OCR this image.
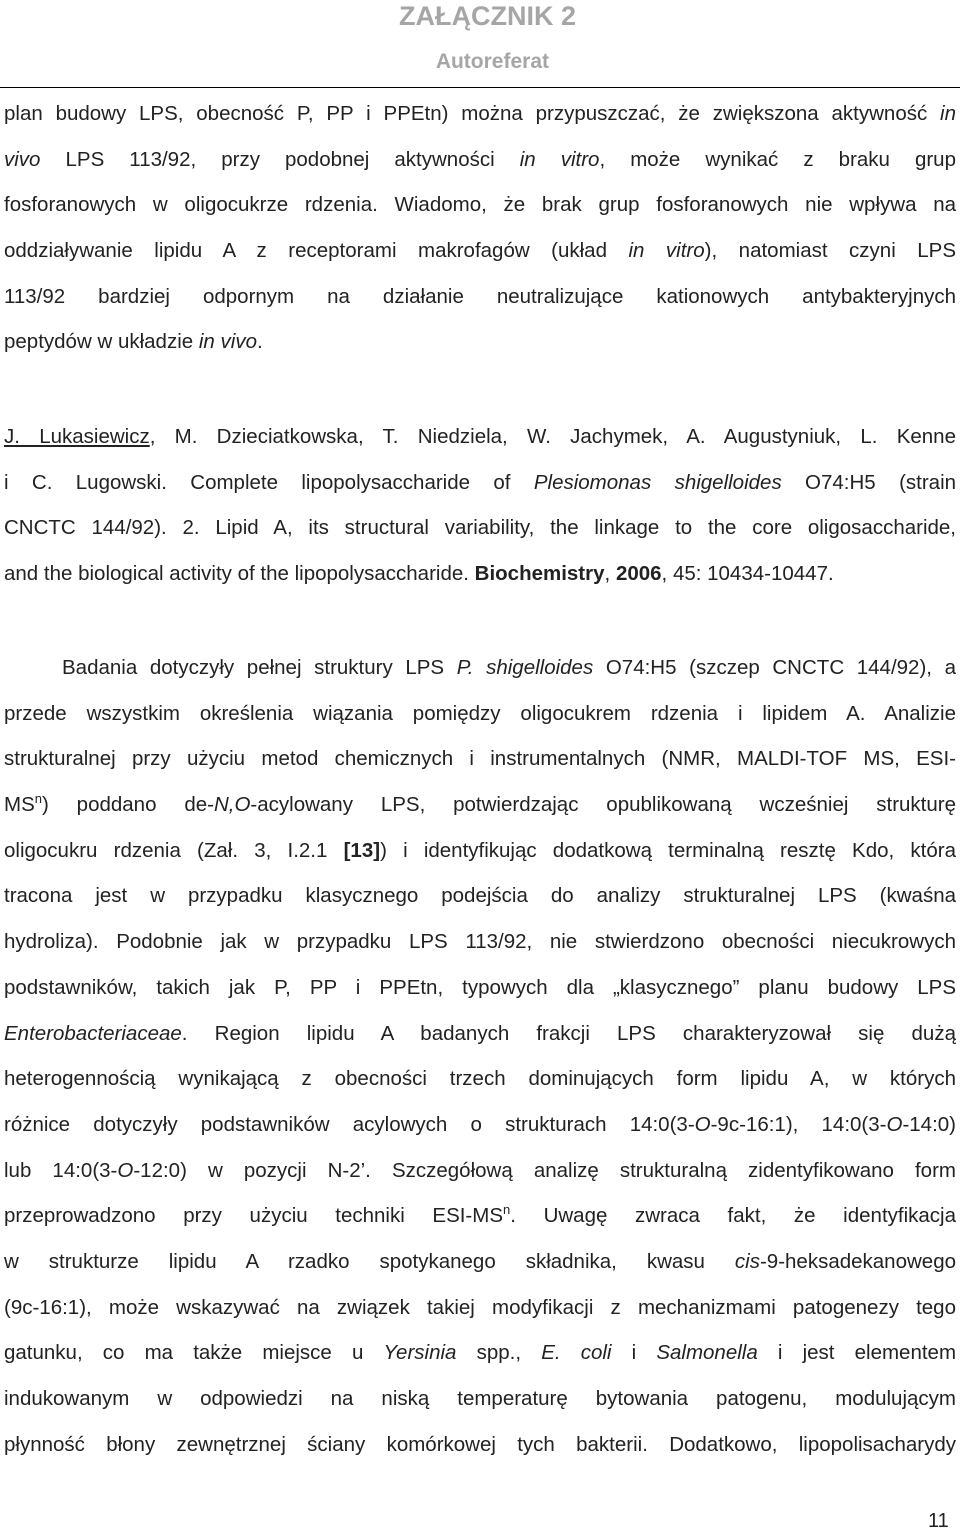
ZAŁĄCZNIK 2
Autoreferat

plan budowy LPS, obecność P, PP i PPEtn) można przypuszczać, że zwiększona aktywność in
vivo LPS 113/92, przy podobnej aktywności in vitro, może wynikać z braku grup
fosforanowych w oligocukrze rdzenia. Wiadomo, że brak grup fosforanowych nie wpływa na
oddziaływanie lipidu A z receptorami makrofagów (układ in vitro), natomiast czyni LPS
113/92 bardziej odpornym na działanie neutralizujące kationowych antybakteryjnych
peptydów w układzie in vivo.

J. Lukasiewicz, M. Dzieciatkowska, T. Niedziela, W. Jachymek, A. Augustyniuk, L. Kenne
i C. Lugowski. Complete lipopolysaccharide of Plesiomonas shigelloides O74:H5 (strain
CNCTC 144/92). 2. Lipid A, its structural variability, the linkage to the core oligosaccharide,
and the biological activity of the lipopolysaccharide. Biochemistry, 2006, 45: 10434-10447.

Badania dotyczyły pełnej struktury LPS P. shigelloides O74:H5 (szczep CNCTC 144/92), a
przede wszystkim określenia wiązania pomiędzy oligocukrem rdzenia i lipidem A. Analizie
strukturalnej przy użyciu metod chemicznych i instrumentalnych (NMR, MALDI-TOF MS, ESI-
$MS^n$) poddano de-N,O-acylowany LPS, potwierdzając opublikowaną wcześniej strukturę
oligocukru rdzenia (Zał. 3, I.2.1 [13]) i identyfikując dodatkową terminalną resztę Kdo, która
tracona jest w przypadku klasycznego podejścia do analizy strukturalnej LPS (kwaśna
hydroliza). Podobnie jak w przypadku LPS 113/92, nie stwierdzono obecności niecukrowych
podstawników, takich jak P, PP i PPEtn, typowych dla „klasycznego” planu budowy LPS
Enterobacteriaceae. Region lipidu A badanych frakcji LPS charakteryzował się dużą
heterogennością wynikającą z obecności trzech dominujących form lipidu A, w których
różnice dotyczyły podstawników acylowych o strukturach 14:0(3-O-9c-16:1), 14:0(3-O-14:0)
lub 14:0(3-O-12:0) w pozycji N-2’. Szczegółową analizę strukturalną zidentyfikowano form
przeprowadzono przy użyciu techniki ESI-$MS^n$. Uwagę zwraca fakt, że identyfikacja
w strukturze lipidu A rzadko spotykanego składnika, kwasu cis-9-heksadekanowego
(9c-16:1), może wskazywać na związek takiej modyfikacji z mechanizmami patogenezy tego
gatunku, co ma także miejsce u Yersinia spp., E. coli i Salmonella i jest elementem
indukowanym w odpowiedzi na niską temperaturę bytowania patogenu, modulującym
płynność błony zewnętrznej ściany komórkowej tych bakterii. Dodatkowo, lipopolisacharydy

11
